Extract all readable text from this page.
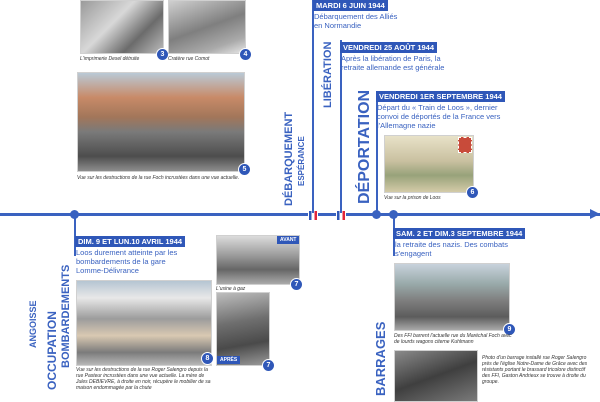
3
L'imprimerie Desel détruite
4
Cratère rue Comot
5
Vue sur les destructions de la rue Foch incrustées dans une vue actuelle.	DÉBARQUEMENT ESPÉRANCE
LIBÉRATION
DÉPORTATION
MARDI 6 JUIN 1944
Débarquement des Alliés en Normandie
VENDREDI 25 AOÛT 1944
Après la libération de Paris, la retraite allemande est générale
VENDREDI 1ER SEPTEMBRE 1944
Départ du « Train de Loos », dernier convoi de déportés de la France vers l'Allemagne nazie
6
Vue sur la prison de Loos
DIM. 9 ET LUN.10 AVRIL 1944
Loos durement atteinte par les bombardements de la gare Lomme-Délivrance
ANGOISSE OCCUPATION BOMBARDEMENTS	8
Vue sur les destructions de la rue Roger Salengro depuis la rue Pasteur incrustées dans une vue actuelle. La mère de Jules DEBIEVRE, à droite en noir, récupère le mobilier de sa maison endommagée par la chute
AVANT
7
L'usine à gaz
APRÈS
7
SAM. 2 ET DIM.3 SEPTEMBRE 1944
la retraite des nazis. Des combats s'engagent
BARRAGES	9
Des FFI barrent l'actuelle rue du Maréchal Foch avec de lourds wagons citerne Kuhlmann
Photo d'un barrage installé rue Roger Salengro près de l'église Notre-Dame de Grâce avec des résistants portant le brassard tricolore distinctif des FFI, Gaston Andrieux se trouve à droite du groupe.
